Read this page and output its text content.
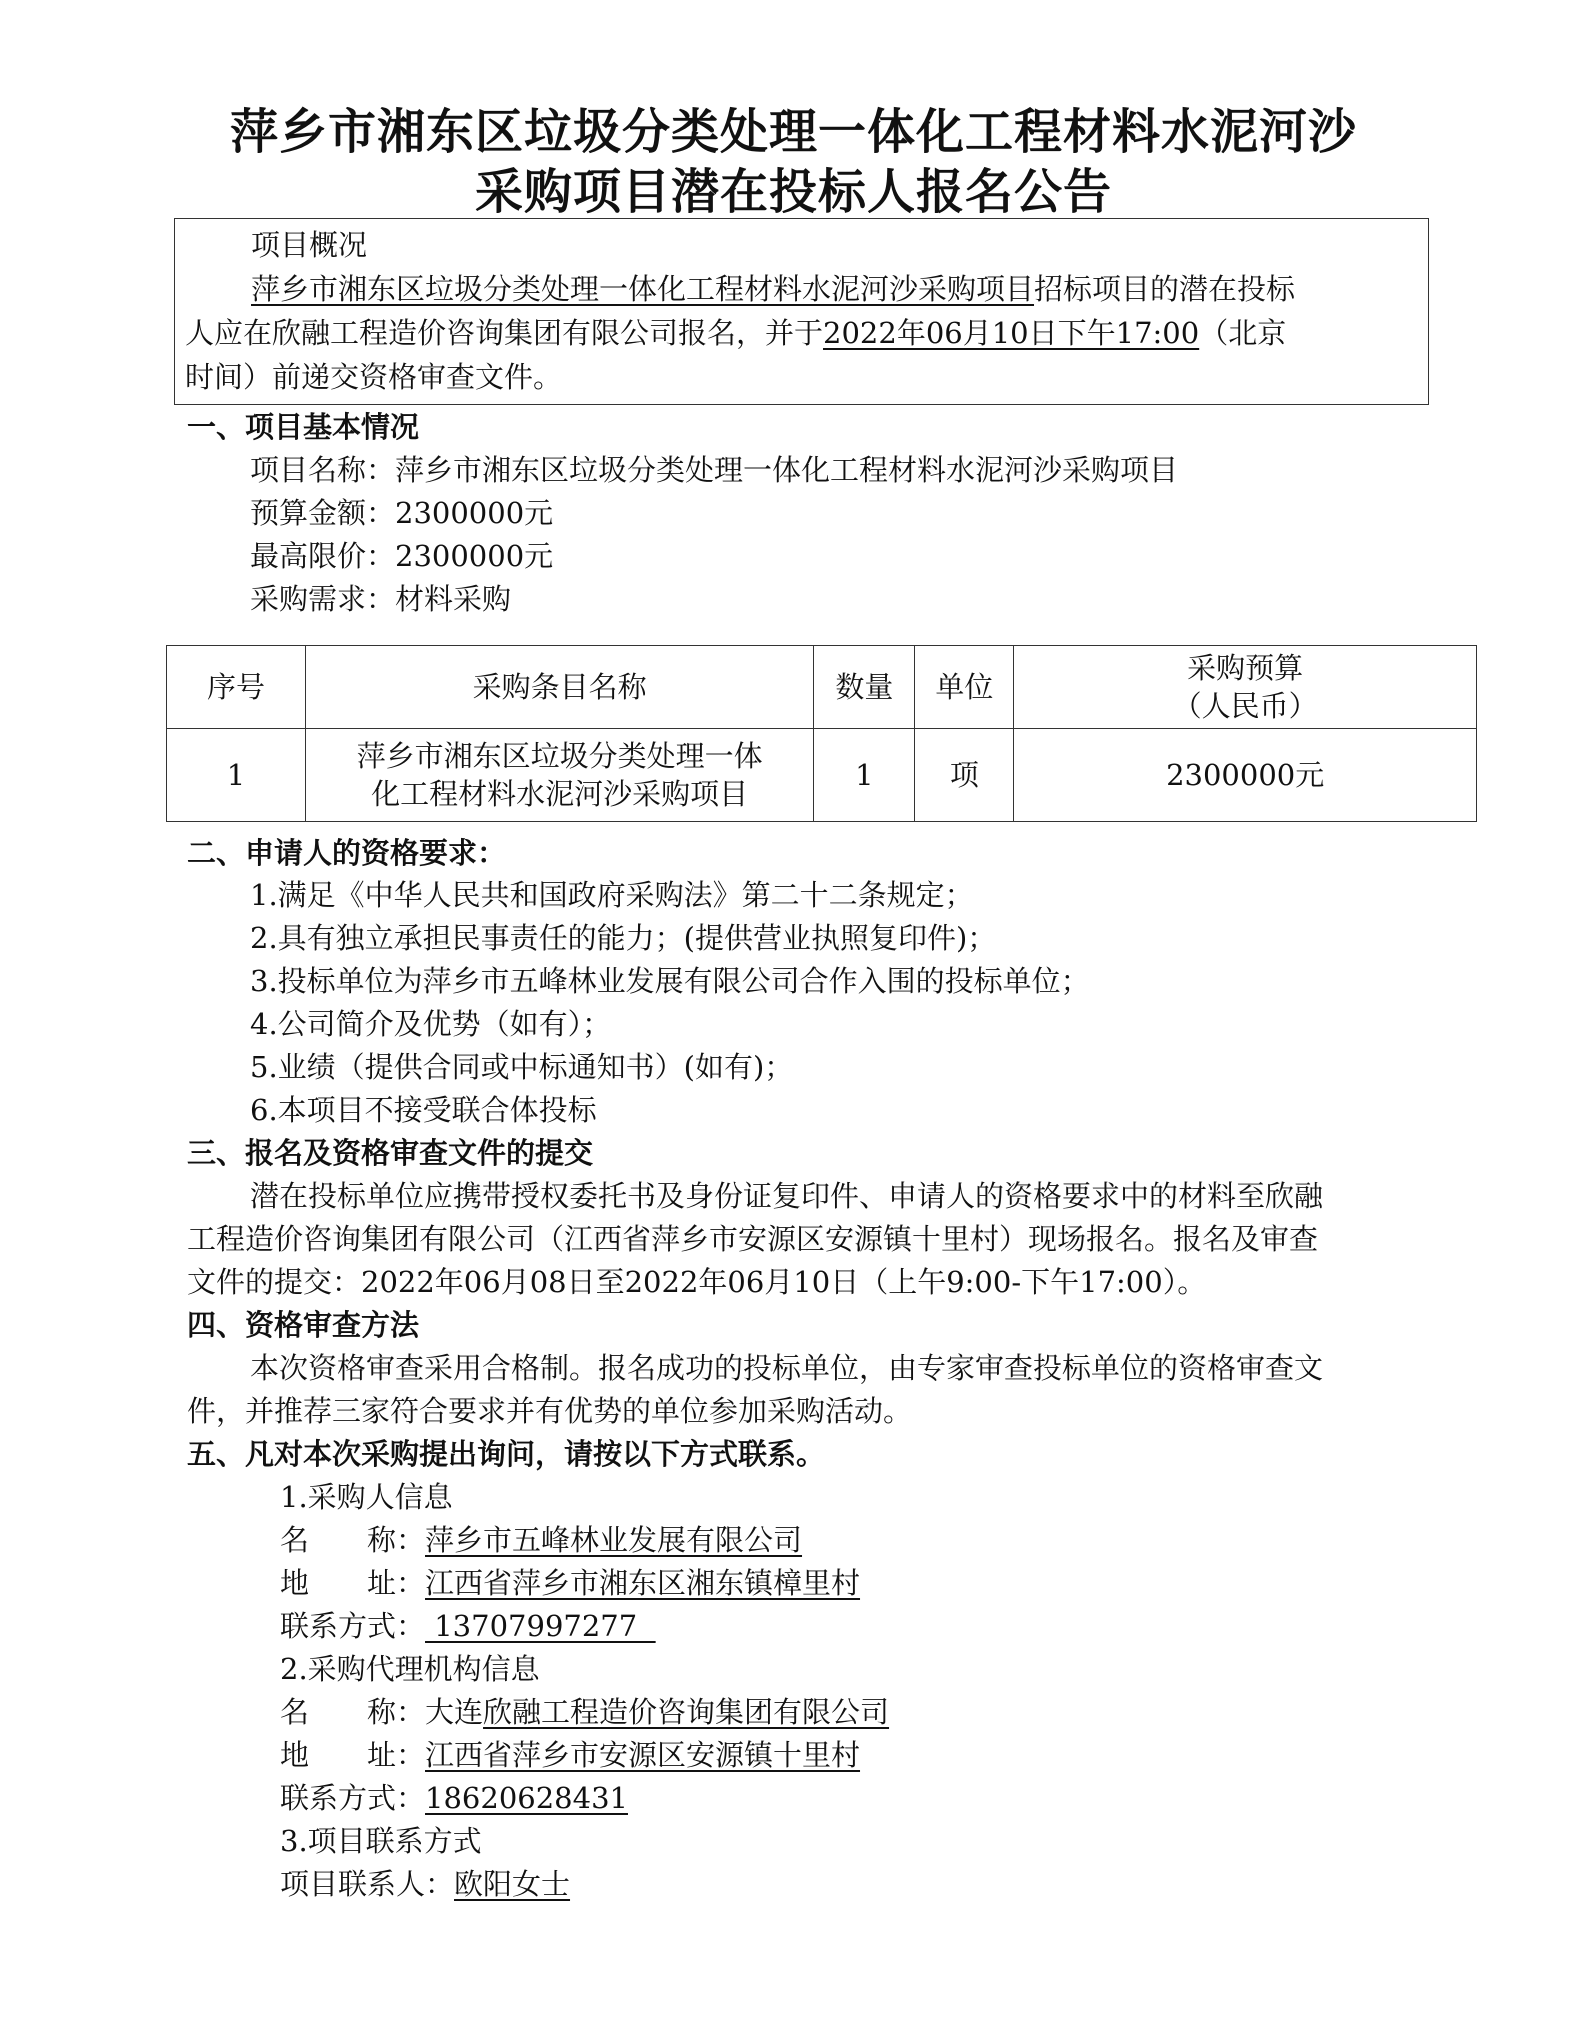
萍乡市湘东区垃圾分类处理一体化工程材料水泥河沙
采购项目潜在投标人报名公告
项目概况
萍乡市湘东区垃圾分类处理一体化工程材料水泥河沙采购项目招标项目的潜在投标
人应在欣融工程造价咨询集团有限公司报名，并于2022年06月10日下午17:00（北京
时间）前递交资格审查文件。
一、项目基本情况
项目名称：萍乡市湘东区垃圾分类处理一体化工程材料水泥河沙采购项目
预算金额：2300000元
最高限价：2300000元
采购需求：材料采购
序号	采购条目名称	数量	单位	采购预算
（人民币）

1	萍乡市湘东区垃圾分类处理一体
化工程材料水泥河沙采购项目	1	项	2300000元
二、申请人的资格要求：
1.满足《中华人民共和国政府采购法》第二十二条规定；
2.具有独立承担民事责任的能力；(提供营业执照复印件)；
3.投标单位为萍乡市五峰林业发展有限公司合作入围的投标单位；
4.公司简介及优势（如有）；
5.业绩（提供合同或中标通知书）(如有)；
6.本项目不接受联合体投标
三、报名及资格审查文件的提交
潜在投标单位应携带授权委托书及身份证复印件、申请人的资格要求中的材料至欣融
工程造价咨询集团有限公司（江西省萍乡市安源区安源镇十里村）现场报名。报名及审查
文件的提交：2022年06月08日至2022年06月10日（上午9:00-下午17:00）。
四、资格审查方法
本次资格审查采用合格制。报名成功的投标单位，由专家审查投标单位的资格审查文
件，并推荐三家符合要求并有优势的单位参加采购活动。
五、凡对本次采购提出询问，请按以下方式联系。
1.采购人信息
名　　称：萍乡市五峰林业发展有限公司
地　　址：江西省萍乡市湘东区湘东镇樟里村
联系方式： 13707997277
2.采购代理机构信息
名　　称：大连欣融工程造价咨询集团有限公司
地　　址：江西省萍乡市安源区安源镇十里村
联系方式：18620628431
3.项目联系方式
项目联系人：欧阳女士
